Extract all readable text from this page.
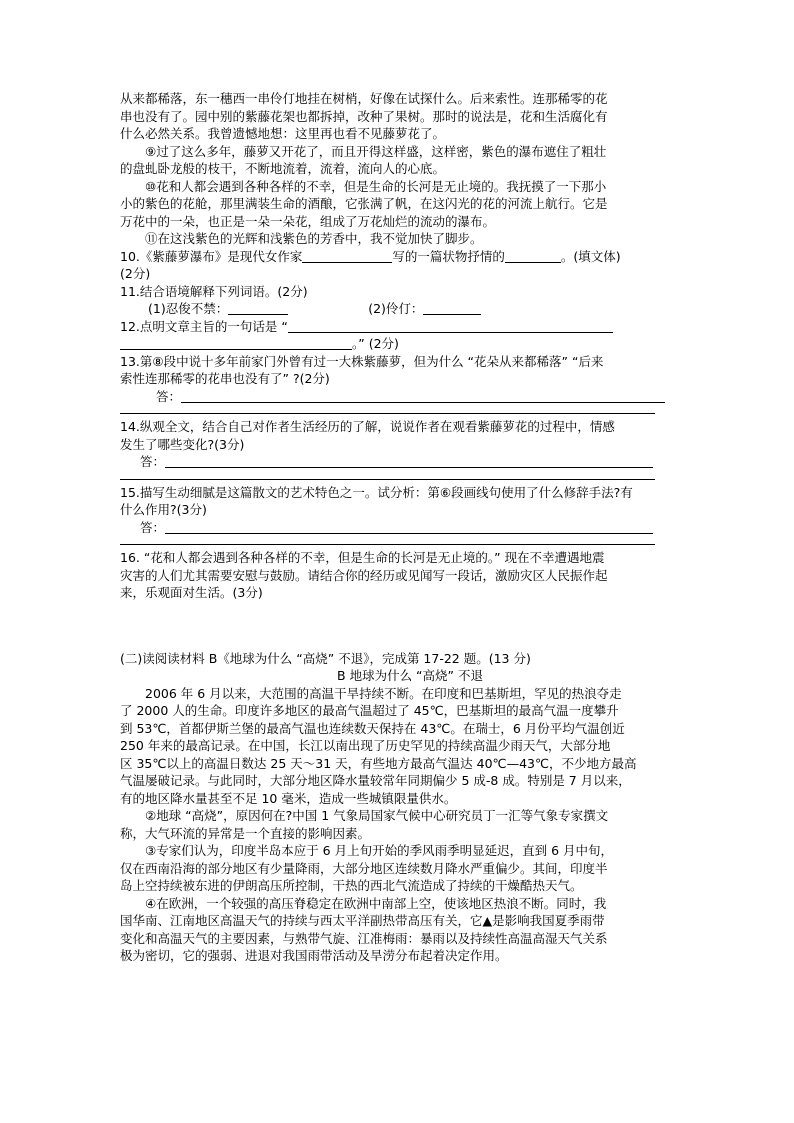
从来都稀落，东一穗西一串伶仃地挂在树梢，好像在试探什么。后来索性。连那稀零的花

串也没有了。园中别的紫藤花架也都拆掉，改种了果树。那时的说法是，花和生活腐化有

什么必然关系。我曾遗憾地想：这里再也看不见藤萝花了。

⑨过了这么多年，藤萝又开花了，而且开得这样盛，这样密，紫色的瀑布遮住了粗壮

的盘虬卧龙般的枝干，不断地流着，流着，流向人的心底。

⑩花和人都会遇到各种各样的不幸，但是生命的长河是无止境的。我抚摸了一下那小

小的紫色的花舱，那里满装生命的酒酿，它张满了帆，在这闪光的花的河流上航行。它是

万花中的一朵，也正是一朵一朵花，组成了万花灿烂的流动的瀑布。

⑪在这浅紫色的光辉和浅紫色的芳香中，我不觉加快了脚步。

10.《紫藤萝瀑布》是现代女作家	写的一篇状物抒情的	。(填文体)

(2分)

11.结合语境解释下列词语。(2分)

(1)忍俊不禁：	(2)伶仃：

12.点明文章主旨的一句话是 “

。” (2分)

13.第⑧段中说十多年前家门外曾有过一大株紫藤萝，但为什么 “花朵从来都稀落” “后来

索性连那稀零的花串也没有了” ?(2分)

答：

14.纵观全文，结合自己对作者生活经历的了解，说说作者在观看紫藤萝花的过程中，情感

发生了哪些变化?(3分)

答：

15.描写生动细腻是这篇散文的艺术特色之一。试分析：第⑥段画线句使用了什么修辞手法?有

什么作用?(3分)

答：

16. “花和人都会遇到各种各样的不幸，但是生命的长河是无止境的。” 现在不幸遭遇地震

灾害的人们尤其需要安慰与鼓励。请结合你的经历或见闻写一段话，激励灾区人民振作起

来，乐观面对生活。(3分)

(二)读阅读材料 B《地球为什么 “高烧” 不退》，完成第 17-22 题。(13 分)

B 地球为什么 “高烧” 不退

2006 年 6 月以来，大范围的高温干旱持续不断。在印度和巴基斯坦，罕见的热浪夺走

了 2000 人的生命。印度许多地区的最高气温超过了 45℃，巴基斯坦的最高气温一度攀升

到 53℃，首都伊斯兰堡的最高气温也连续数天保持在 43℃。在瑞士，6 月份平均气温创近

250 年来的最高记录。在中国，长江以南出现了历史罕见的持续高温少雨天气，大部分地

区 35℃以上的高温日数达 25 天～31 天，有些地方最高气温达 40℃—43℃，不少地方最高

气温屡破记录。与此同时，大部分地区降水量较常年同期偏少 5 成-8 成。特别是 7 月以来，

有的地区降水量甚至不足 10 毫米，造成一些城镇限量供水。

②地球 “高烧”，原因何在?中国 1 气象局国家气候中心研究员丁一汇等气象专家撰文

称，大气环流的异常是一个直接的影响因素。

③专家们认为，印度半岛本应于 6 月上旬开始的季风雨季明显延迟，直到 6 月中旬，

仅在西南沿海的部分地区有少量降雨，大部分地区连续数月降水严重偏少。其间，印度半

岛上空持续被东进的伊朗高压所控制，干热的西北气流造成了持续的干燥酷热天气。

④在欧洲，一个较强的高压脊稳定在欧洲中南部上空，使该地区热浪不断。同时，我

国华南、江南地区高温天气的持续与西太平洋副热带高压有关，它▲是影响我国夏季雨带

变化和高温天气的主要因素，与熟带气旋、江准梅雨：暴雨以及持续性高温高湿天气关系

极为密切，它的强弱、进退对我国雨带活动及旱涝分布起着决定作用。
